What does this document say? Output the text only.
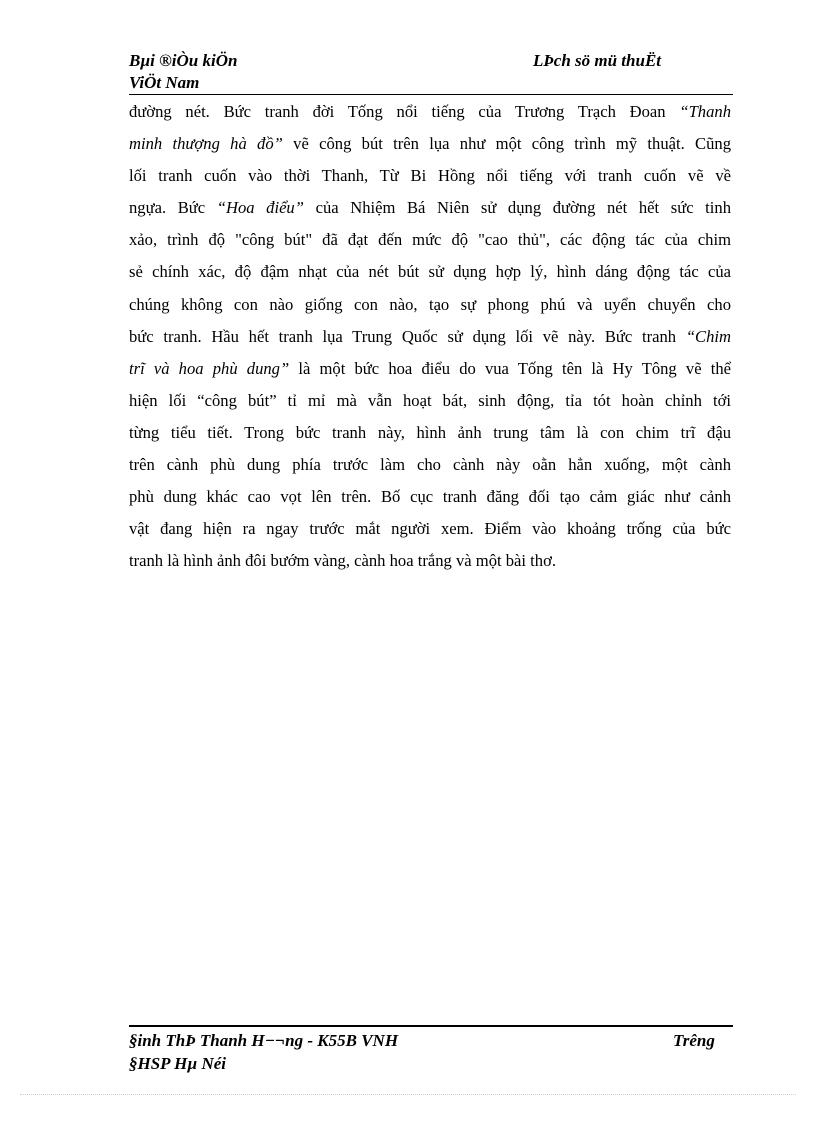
Bµi ®iÒu kiÖn	LÞch sö mü thuËt
ViÖt Nam
đường nét. Bức tranh đời Tống nổi tiếng của Trương Trạch Đoan “Thanh
minh thượng hà đồ” vẽ công bút trên lụa như một công trình mỹ thuật. Cũng
lối tranh cuốn vào thời Thanh, Từ Bi Hồng nổi tiếng với tranh cuốn vẽ về
ngựa. Bức “Hoa điểu” của Nhiệm Bá Niên sử dụng đường nét hết sức tinh
xảo, trình độ "công bút" đã đạt đến mức độ "cao thủ", các động tác của chim
sẻ chính xác, độ đậm nhạt của nét bút sử dụng hợp lý, hình dáng động tác của
chúng không con nào giống con nào, tạo sự phong phú và uyển chuyển cho
bức tranh. Hầu hết tranh lụa Trung Quốc sử dụng lối vẽ này. Bức tranh “Chim
trĩ và hoa phù dung” là một bức hoa điểu do vua Tống tên là Hy Tông vẽ thể
hiện lối “công bút” tỉ mỉ mà vẫn hoạt bát, sinh động, tỉa tót hoàn chỉnh tới
từng tiểu tiết. Trong bức tranh này, hình ảnh trung tâm là con chim trĩ đậu
trên cành phù dung phía trước làm cho cành này oằn hẳn xuống, một cành
phù dung khác cao vọt lên trên. Bố cục tranh đăng đối tạo cảm giác như cảnh
vật đang hiện ra ngay trước mắt người xem. Điểm vào khoảng trống của bức
tranh là hình ảnh đôi bướm vàng, cành hoa trắng và một bài thơ.
§inh ThÞ Thanh H−¬ng - K55B VNH	Trêng
§HSP Hµ Néi
